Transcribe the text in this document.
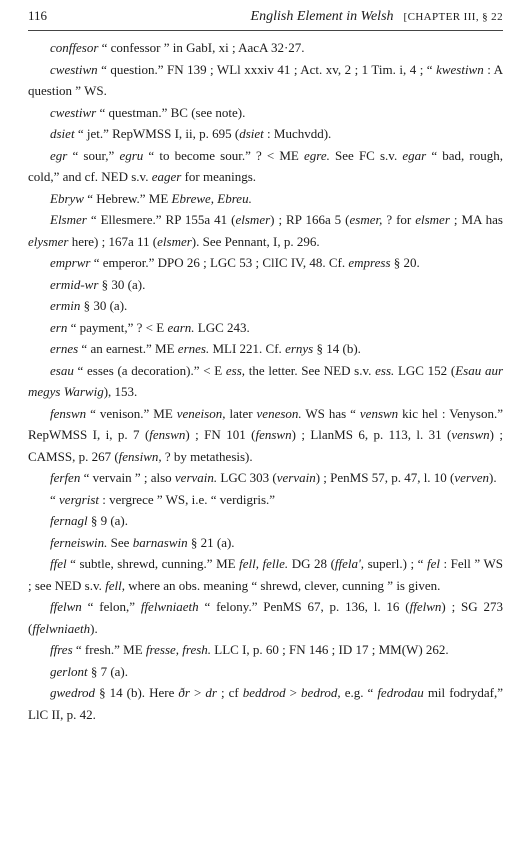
116	English Element in Welsh [CHAPTER III, § 22

conffesor “ confessor ” in GabI, xi ; AacA 32·27.

cwestiwn “ question.” FN 139 ; WLl xxxiv 41 ; Act. xv, 2 ; 1 Tim. i, 4 ; “ kwestiwn : A question ” WS.

cwestiwr “ questman.” BC (see note).

dsiet “ jet.” RepWMSS I, ii, p. 695 (dsiet : Muchvdd).

egr “ sour,” egru “ to become sour.” ? < ME egre. See FC s.v. egar “ bad, rough, cold,” and cf. NED s.v. eager for meanings.

Ebryw “ Hebrew.” ME Ebrewe, Ebreu.

Elsmer “ Ellesmere.” RP 155a 41 (elsmer) ; RP 166a 5 (esmer, ? for elsmer ; MA has elysmer here) ; 167a 11 (elsmer). See Pennant, I, p. 296.

emprwr “ emperor.” DPO 26 ; LGC 53 ; ClIC IV, 48. Cf. empress § 20.

ermid-wr § 30 (a).

ermin § 30 (a).

ern “ payment,” ? < E earn. LGC 243.

ernes “ an earnest.” ME ernes. MLI 221. Cf. ernys § 14 (b).

esau “ esses (a decoration).” < E ess, the letter. See NED s.v. ess. LGC 152 (Esau aur megys Warwig), 153.

fenswn “ venison.” ME veneison, later veneson. WS has “ venswn kic hel : Venyson.” RepWMSS I, i, p. 7 (fenswn) ; FN 101 (fenswn) ; LlanMS 6, p. 113, l. 31 (venswn) ; CAMSS, p. 267 (fensiwn, ? by metathesis).

ferfen “ vervain ” ; also vervain. LGC 303 (vervain) ; PenMS 57, p. 47, l. 10 (verven).

“ vergrist : vergrece ” WS, i.e. “ verdigris.”

fernagl § 9 (a).

ferneiswin. See barnaswin § 21 (a).

ffel “ subtle, shrewd, cunning.” ME fell, felle. DG 28 (ffela', superl.) ; “ fel : Fell ” WS ; see NED s.v. fell, where an obs. meaning “ shrewd, clever, cunning ” is given.

ffelwn “ felon,” ffelwniaeth “ felony.” PenMS 67, p. 136, l. 16 (ffelwn) ; SG 273 (ffelwniaeth).

ffres “ fresh.” ME fresse, fresh. LLC I, p. 60 ; FN 146 ; ID 17 ; MM(W) 262.

gerlont § 7 (a).

gwedrod § 14 (b). Here ðr > dr ; cf beddrod > bedrod, e.g. “ fedrodau mil fodrydaf,” LlC II, p. 42.
